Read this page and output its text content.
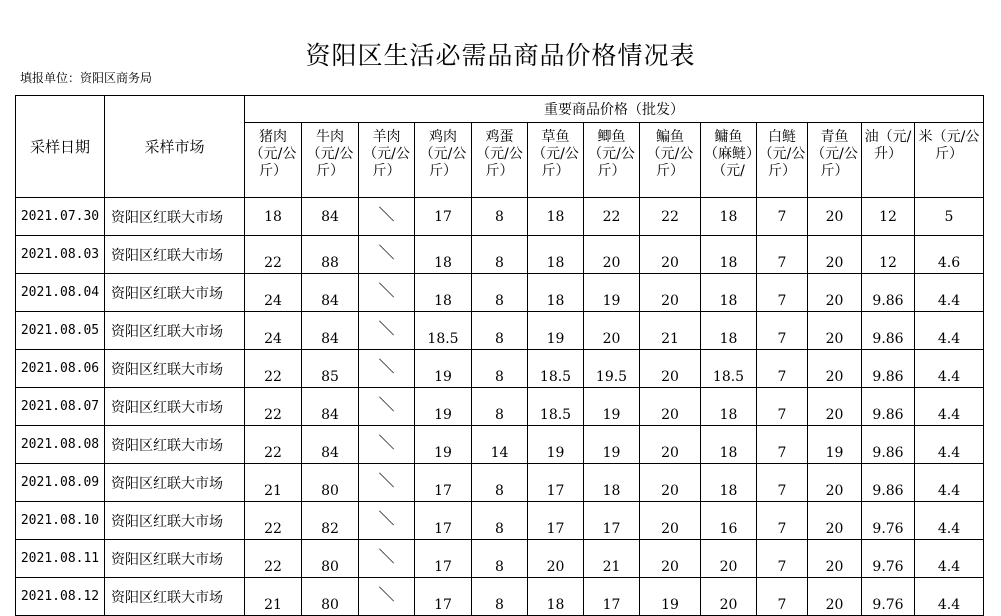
资阳区生活必需品商品价格情况表
填报单位：资阳区商务局
采样日期	采样市场	重要商品价格（批发）												
		猪肉（元/公斤）	牛肉（元/公斤）	羊肉（元/公斤）	鸡肉（元/公斤）	鸡蛋（元/公斤）	草鱼（元/公斤）	鲫鱼（元/公斤）	鳊鱼（元/公斤）	鳙鱼（麻鲢）（元/	白鲢（元/公斤）	青鱼（元/公斤）	油（元/升）	米（元/公斤）
2021.07.30	资阳区红联大市场	18	84	＼	17	8	18	22	22	18	7	20	12	5
2021.08.03	资阳区红联大市场	22	88	＼	18	8	18	20	20	18	7	20	12	4.6
2021.08.04	资阳区红联大市场	24	84	＼	18	8	18	19	20	18	7	20	9.86	4.4
2021.08.05	资阳区红联大市场	24	84	＼	18.5	8	19	20	21	18	7	20	9.86	4.4
2021.08.06	资阳区红联大市场	22	85	＼	19	8	18.5	19.5	20	18.5	7	20	9.86	4.4
2021.08.07	资阳区红联大市场	22	84	＼	19	8	18.5	19	20	18	7	20	9.86	4.4
2021.08.08	资阳区红联大市场	22	84	＼	19	14	19	19	20	18	7	19	9.86	4.4
2021.08.09	资阳区红联大市场	21	80	＼	17	8	17	18	20	18	7	20	9.86	4.4
2021.08.10	资阳区红联大市场	22	82	＼	17	8	17	17	20	16	7	20	9.76	4.4
2021.08.11	资阳区红联大市场	22	80	＼	17	8	20	21	20	20	7	20	9.76	4.4
2021.08.12	资阳区红联大市场	21	80	＼	17	8	18	17	19	20	7	20	9.76	4.4
